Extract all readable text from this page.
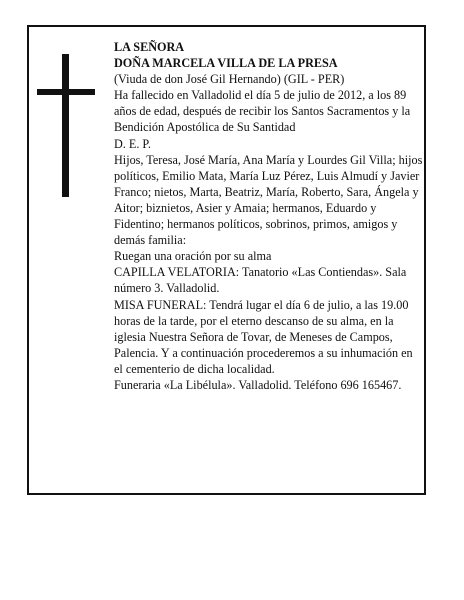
LA SEÑORA

DOÑA MARCELA VILLA DE LA PRESA

(Viuda de don José Gil Hernando) (GIL - PER)

Ha fallecido en Valladolid el día 5 de julio de 2012, a los 89 años de edad, después de recibir los Santos Sacramentos y la Bendición Apostólica de Su Santidad

D. E. P.

Hijos, Teresa, José María, Ana María y Lourdes Gil Villa; hijos políticos, Emilio Mata, María Luz Pérez, Luis Almudí y Javier Franco; nietos, Marta, Beatriz, María, Roberto, Sara, Ángela y Aitor; biznietos, Asier y Amaia; hermanos, Eduardo y Fidentino; hermanos políticos, sobrinos, primos, amigos y demás familia:

Ruegan una oración por su alma

CAPILLA VELATORIA: Tanatorio «Las Contiendas». Sala número 3. Valladolid.

MISA FUNERAL: Tendrá lugar el día 6 de julio, a las 19.00 horas de la tarde, por el eterno descanso de su alma, en la iglesia Nuestra Señora de Tovar, de Meneses de Campos, Palencia. Y a continuación procederemos a su inhumación en el cementerio de dicha localidad.

Funeraria «La Libélula». Valladolid. Teléfono 696 165467.
